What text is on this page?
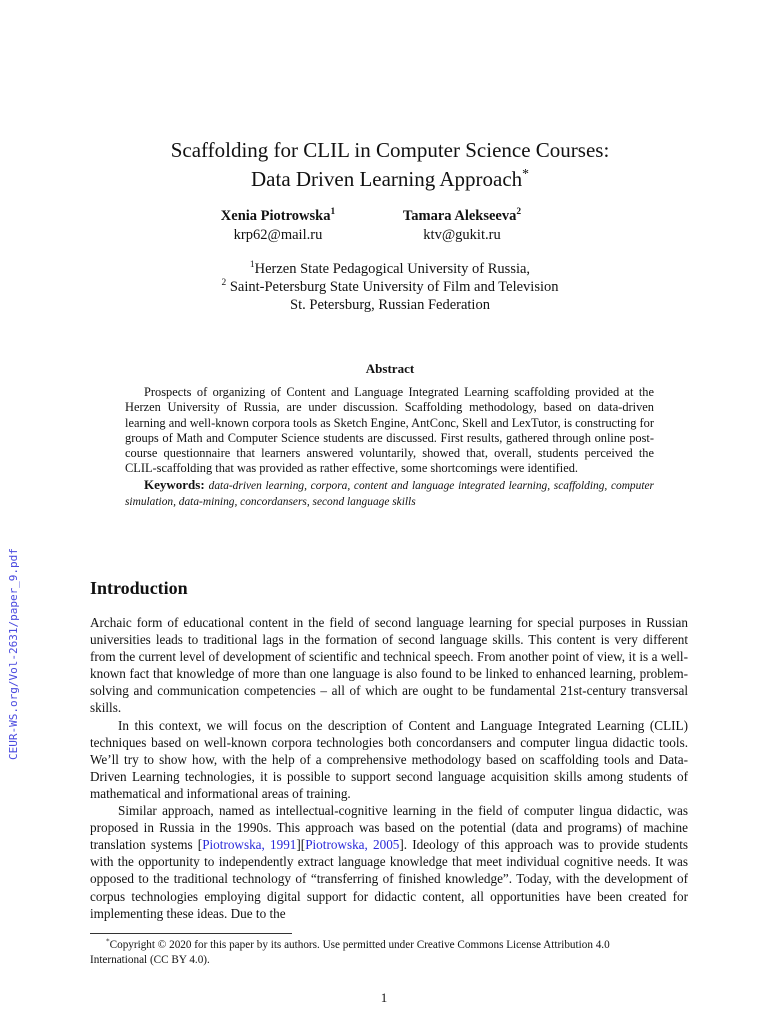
CEUR-WS.org/Vol-2631/paper_9.pdf
Scaffolding for CLIL in Computer Science Courses:
Data Driven Learning Approach*
Xenia Piotrowska$^1$
krp62@mail.ru
Tamara Alekseeva$^2$
ktv@gukit.ru
$^1$Herzen State Pedagogical University of Russia,
$^2$ Saint-Petersburg State University of Film and Television
St. Petersburg, Russian Federation
Abstract

Prospects of organizing of Content and Language Integrated Learning scaffolding provided at the Herzen University of Russia, are under discussion. Scaffolding methodology, based on data-driven learning and well-known corpora tools as Sketch Engine, AntConc, Skell and LexTutor, is constructing for groups of Math and Computer Science students are discussed. First results, gathered through online post-course questionnaire that learners answered voluntarily, showed that, overall, students perceived the CLIL-scaffolding that was provided as rather effective, some shortcomings were identified.

Keywords: data-driven learning, corpora, content and language integrated learning, scaffolding, computer simulation, data-mining, concordansers, second language skills

Introduction

Archaic form of educational content in the field of second language learning for special purposes in Russian universities leads to traditional lags in the formation of second language skills. This content is very different from the current level of development of scientific and technical speech. From another point of view, it is a well-known fact that knowledge of more than one language is also found to be linked to enhanced learning, problem-solving and communication competencies – all of which are ought to be fundamental 21st-century transversal skills.

In this context, we will focus on the description of Content and Language Integrated Learning (CLIL) techniques based on well-known corpora technologies both concordansers and computer lingua didactic tools. We’ll try to show how, with the help of a comprehensive methodology based on scaffolding tools and Data-Driven Learning technologies, it is possible to support second language acquisition skills among students of mathematical and informational areas of training.

Similar approach, named as intellectual-cognitive learning in the field of computer lingua didactic, was proposed in Russia in the 1990s. This approach was based on the potential (data and programs) of machine translation systems [Piotrowska, 1991][Piotrowska, 2005]. Ideology of this approach was to provide students with the opportunity to independently extract language knowledge that meet individual cognitive needs. It was opposed to the traditional technology of “transferring of finished knowledge”. Today, with the development of corpus technologies employing digital support for didactic content, all opportunities have been created for implementing these ideas. Due to the

*Copyright © 2020 for this paper by its authors. Use permitted under Creative Commons License Attribution 4.0
International (CC BY 4.0).
1
